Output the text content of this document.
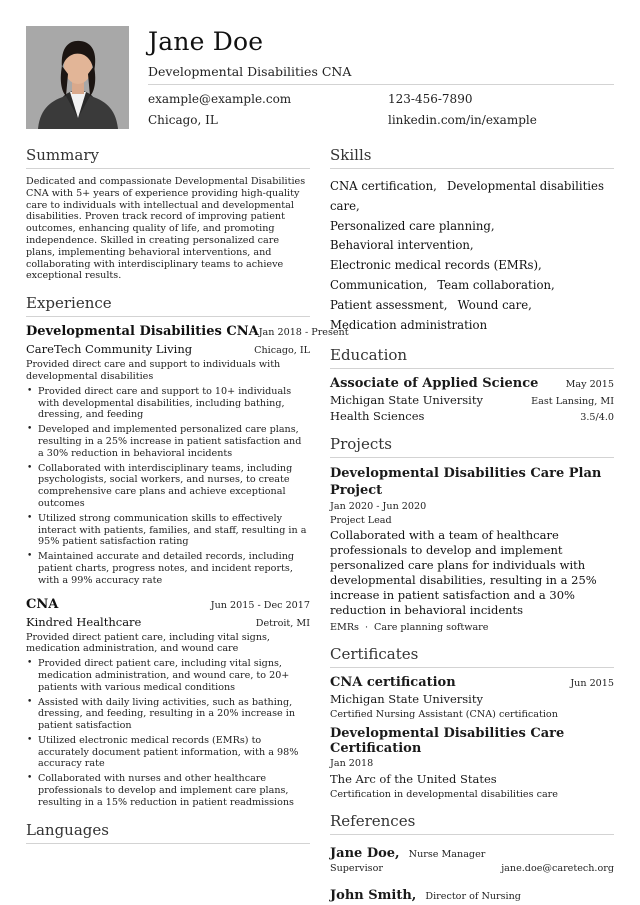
Jane Doe
Developmental Disabilities CNA
example@example.com	123-456-7890
Chicago, IL	linkedin.com/in/example
Summary
Dedicated and compassionate Developmental Disabilities CNA with 5+ years of experience providing high-quality care to individuals with intellectual and developmental disabilities. Proven track record of improving patient outcomes, enhancing quality of life, and promoting independence. Skilled in creating personalized care plans, implementing behavioral interventions, and collaborating with interdisciplinary teams to achieve exceptional results.
Experience
Developmental Disabilities CNA Jan 2018 - Present
CareTech Community Living	Chicago, IL
Provided direct care and support to individuals with developmental disabilities
• Provided direct care and support to 10+ individuals with developmental disabilities, including bathing, dressing, and feeding
• Developed and implemented personalized care plans, resulting in a 25% increase in patient satisfaction and a 30% reduction in behavioral incidents
• Collaborated with interdisciplinary teams, including psychologists, social workers, and nurses, to create comprehensive care plans and achieve exceptional outcomes
• Utilized strong communication skills to effectively interact with patients, families, and staff, resulting in a 95% patient satisfaction rating
• Maintained accurate and detailed records, including patient charts, progress notes, and incident reports, with a 99% accuracy rate
CNA	Jun 2015 - Dec 2017
Kindred Healthcare	Detroit, MI
Provided direct patient care, including vital signs, medication administration, and wound care
• Provided direct patient care, including vital signs, medication administration, and wound care, to 20+ patients with various medical conditions
• Assisted with daily living activities, such as bathing, dressing, and feeding, resulting in a 20% increase in patient satisfaction
• Utilized electronic medical records (EMRs) to accurately document patient information, with a 98% accuracy rate
• Collaborated with nurses and other healthcare professionals to develop and implement care plans, resulting in a 15% reduction in patient readmissions
Languages
Skills
CNA certification, Developmental disabilities care,
Personalized care planning,
Behavioral intervention,
Electronic medical records (EMRs),
Communication, Team collaboration,
Patient assessment, Wound care,
Medication administration
Education
Associate of Applied Science	May 2015
Michigan State University	East Lansing, MI
Health Sciences	3.5/4.0
Projects
Developmental Disabilities Care Plan Project
Jan 2020 - Jun 2020
Project Lead
Collaborated with a team of healthcare professionals to develop and implement personalized care plans for individuals with developmental disabilities, resulting in a 25% increase in patient satisfaction and a 30% reduction in behavioral incidents
EMRs · Care planning software
Certificates
CNA certification	Jun 2015
Michigan State University
Certified Nursing Assistant (CNA) certification
Developmental Disabilities Care Certification
Jan 2018
The Arc of the United States
Certification in developmental disabilities care
References
Jane Doe, Nurse Manager
Supervisor	jane.doe@caretech.org
John Smith, Director of Nursing
